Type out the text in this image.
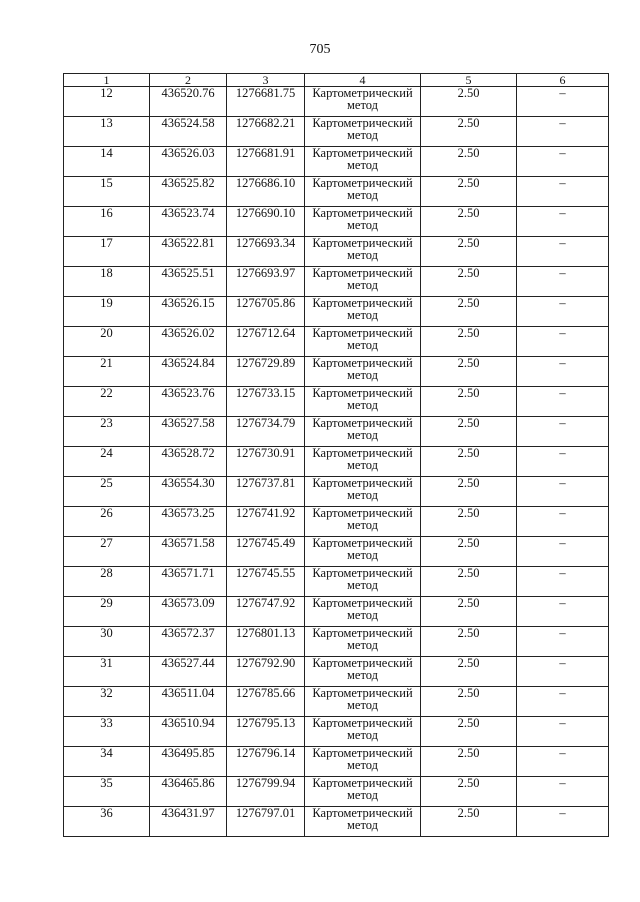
705
1	2	3	4	5	6
12	436520.76	1276681.75	Картометрический метод	2.50	–
13	436524.58	1276682.21	Картометрический метод	2.50	–
14	436526.03	1276681.91	Картометрический метод	2.50	–
15	436525.82	1276686.10	Картометрический метод	2.50	–
16	436523.74	1276690.10	Картометрический метод	2.50	–
17	436522.81	1276693.34	Картометрический метод	2.50	–
18	436525.51	1276693.97	Картометрический метод	2.50	–
19	436526.15	1276705.86	Картометрический метод	2.50	–
20	436526.02	1276712.64	Картометрический метод	2.50	–
21	436524.84	1276729.89	Картометрический метод	2.50	–
22	436523.76	1276733.15	Картометрический метод	2.50	–
23	436527.58	1276734.79	Картометрический метод	2.50	–
24	436528.72	1276730.91	Картометрический метод	2.50	–
25	436554.30	1276737.81	Картометрический метод	2.50	–
26	436573.25	1276741.92	Картометрический метод	2.50	–
27	436571.58	1276745.49	Картометрический метод	2.50	–
28	436571.71	1276745.55	Картометрический метод	2.50	–
29	436573.09	1276747.92	Картометрический метод	2.50	–
30	436572.37	1276801.13	Картометрический метод	2.50	–
31	436527.44	1276792.90	Картометрический метод	2.50	–
32	436511.04	1276785.66	Картометрический метод	2.50	–
33	436510.94	1276795.13	Картометрический метод	2.50	–
34	436495.85	1276796.14	Картометрический метод	2.50	–
35	436465.86	1276799.94	Картометрический метод	2.50	–
36	436431.97	1276797.01	Картометрический метод	2.50	–
